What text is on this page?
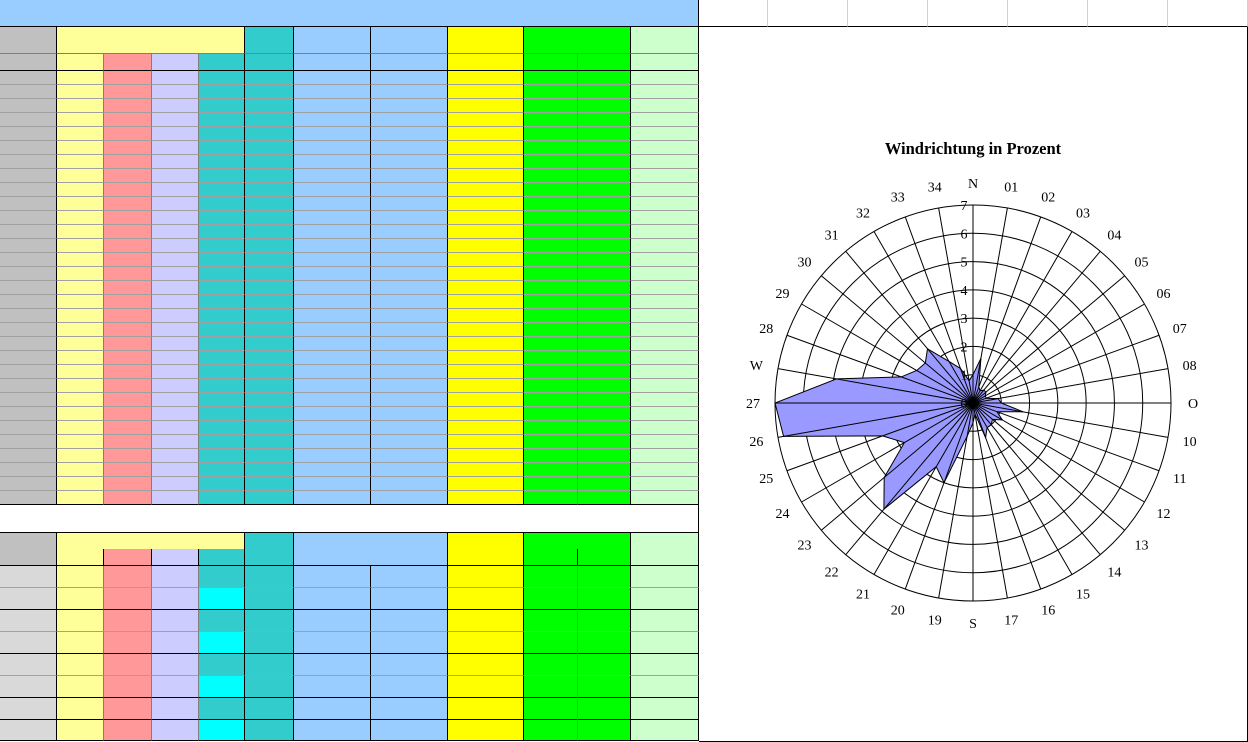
Windrichtung in Prozent
0
1
2
3
4
5
6
7
N 01
02
03
04
05
06
07
08
O
10
11
12
13
14
15
16
17
S
19
20
21
22
23
24
25
26
27
W
28
29
30
31
32
33
34
